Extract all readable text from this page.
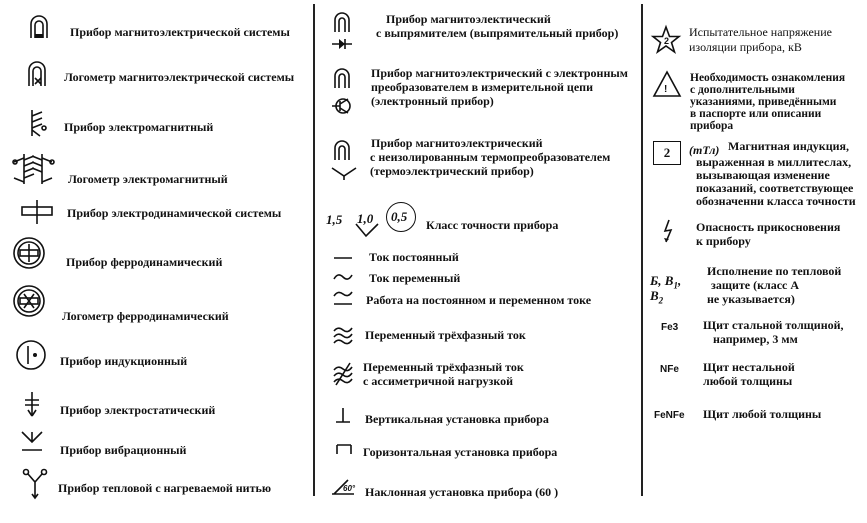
Прибор магнитоэлектрической системы
Логометр магнитоэлектрической системы
Прибор электромагнитный
Логометр электромагнитный
Прибор электродинамической системы
Прибор ферродинамический
Логометр ферродинамический
Прибор индукционный
Прибор электростатический
Прибор вибрационный
Прибор тепловой с нагреваемой нитью
Прибор магнитоэлектический
с выпрямителем (выпрямительный прибор)
Прибор магнитоэлектрический с электронным
преобразователем в измерительной цепи
(электронный прибор)
Прибор магнитоэлектрический
с неизолированным термопреобразователем
(термоэлектрический прибор)
1,5 1,0 0,5
Класс точности прибора
Ток постоянный
Ток переменный
Работа на постоянном и переменном токе
Переменный трёхфазный ток
Переменный трёхфазный ток
с ассиметричной нагрузкой
Вертикальная установка прибора
Горизонтальная установка прибора
60° Наклонная установка прибора (60 )
2
Испытательное напряжение
изоляции прибора, кВ
!
Необходимость ознакомления
с дополнительными
указаниями, приведёнными
в паспорте или описании
прибора
2	(mТл) Магнитная индукция,
выраженная в миллитеслах,
вызывающая изменение
показаний, соответствующее
обозначенни класса точности
Опасность прикосновения
к прибору
Б, $В_1$,
$В_2$
Исполнение по тепловой
защите (класс А
не указывается)
Fe3 Щит стальной толщиной,
например, 3 мм
NFe Щит нестальной
любой толщины
FeNFe Щит любой толщины
